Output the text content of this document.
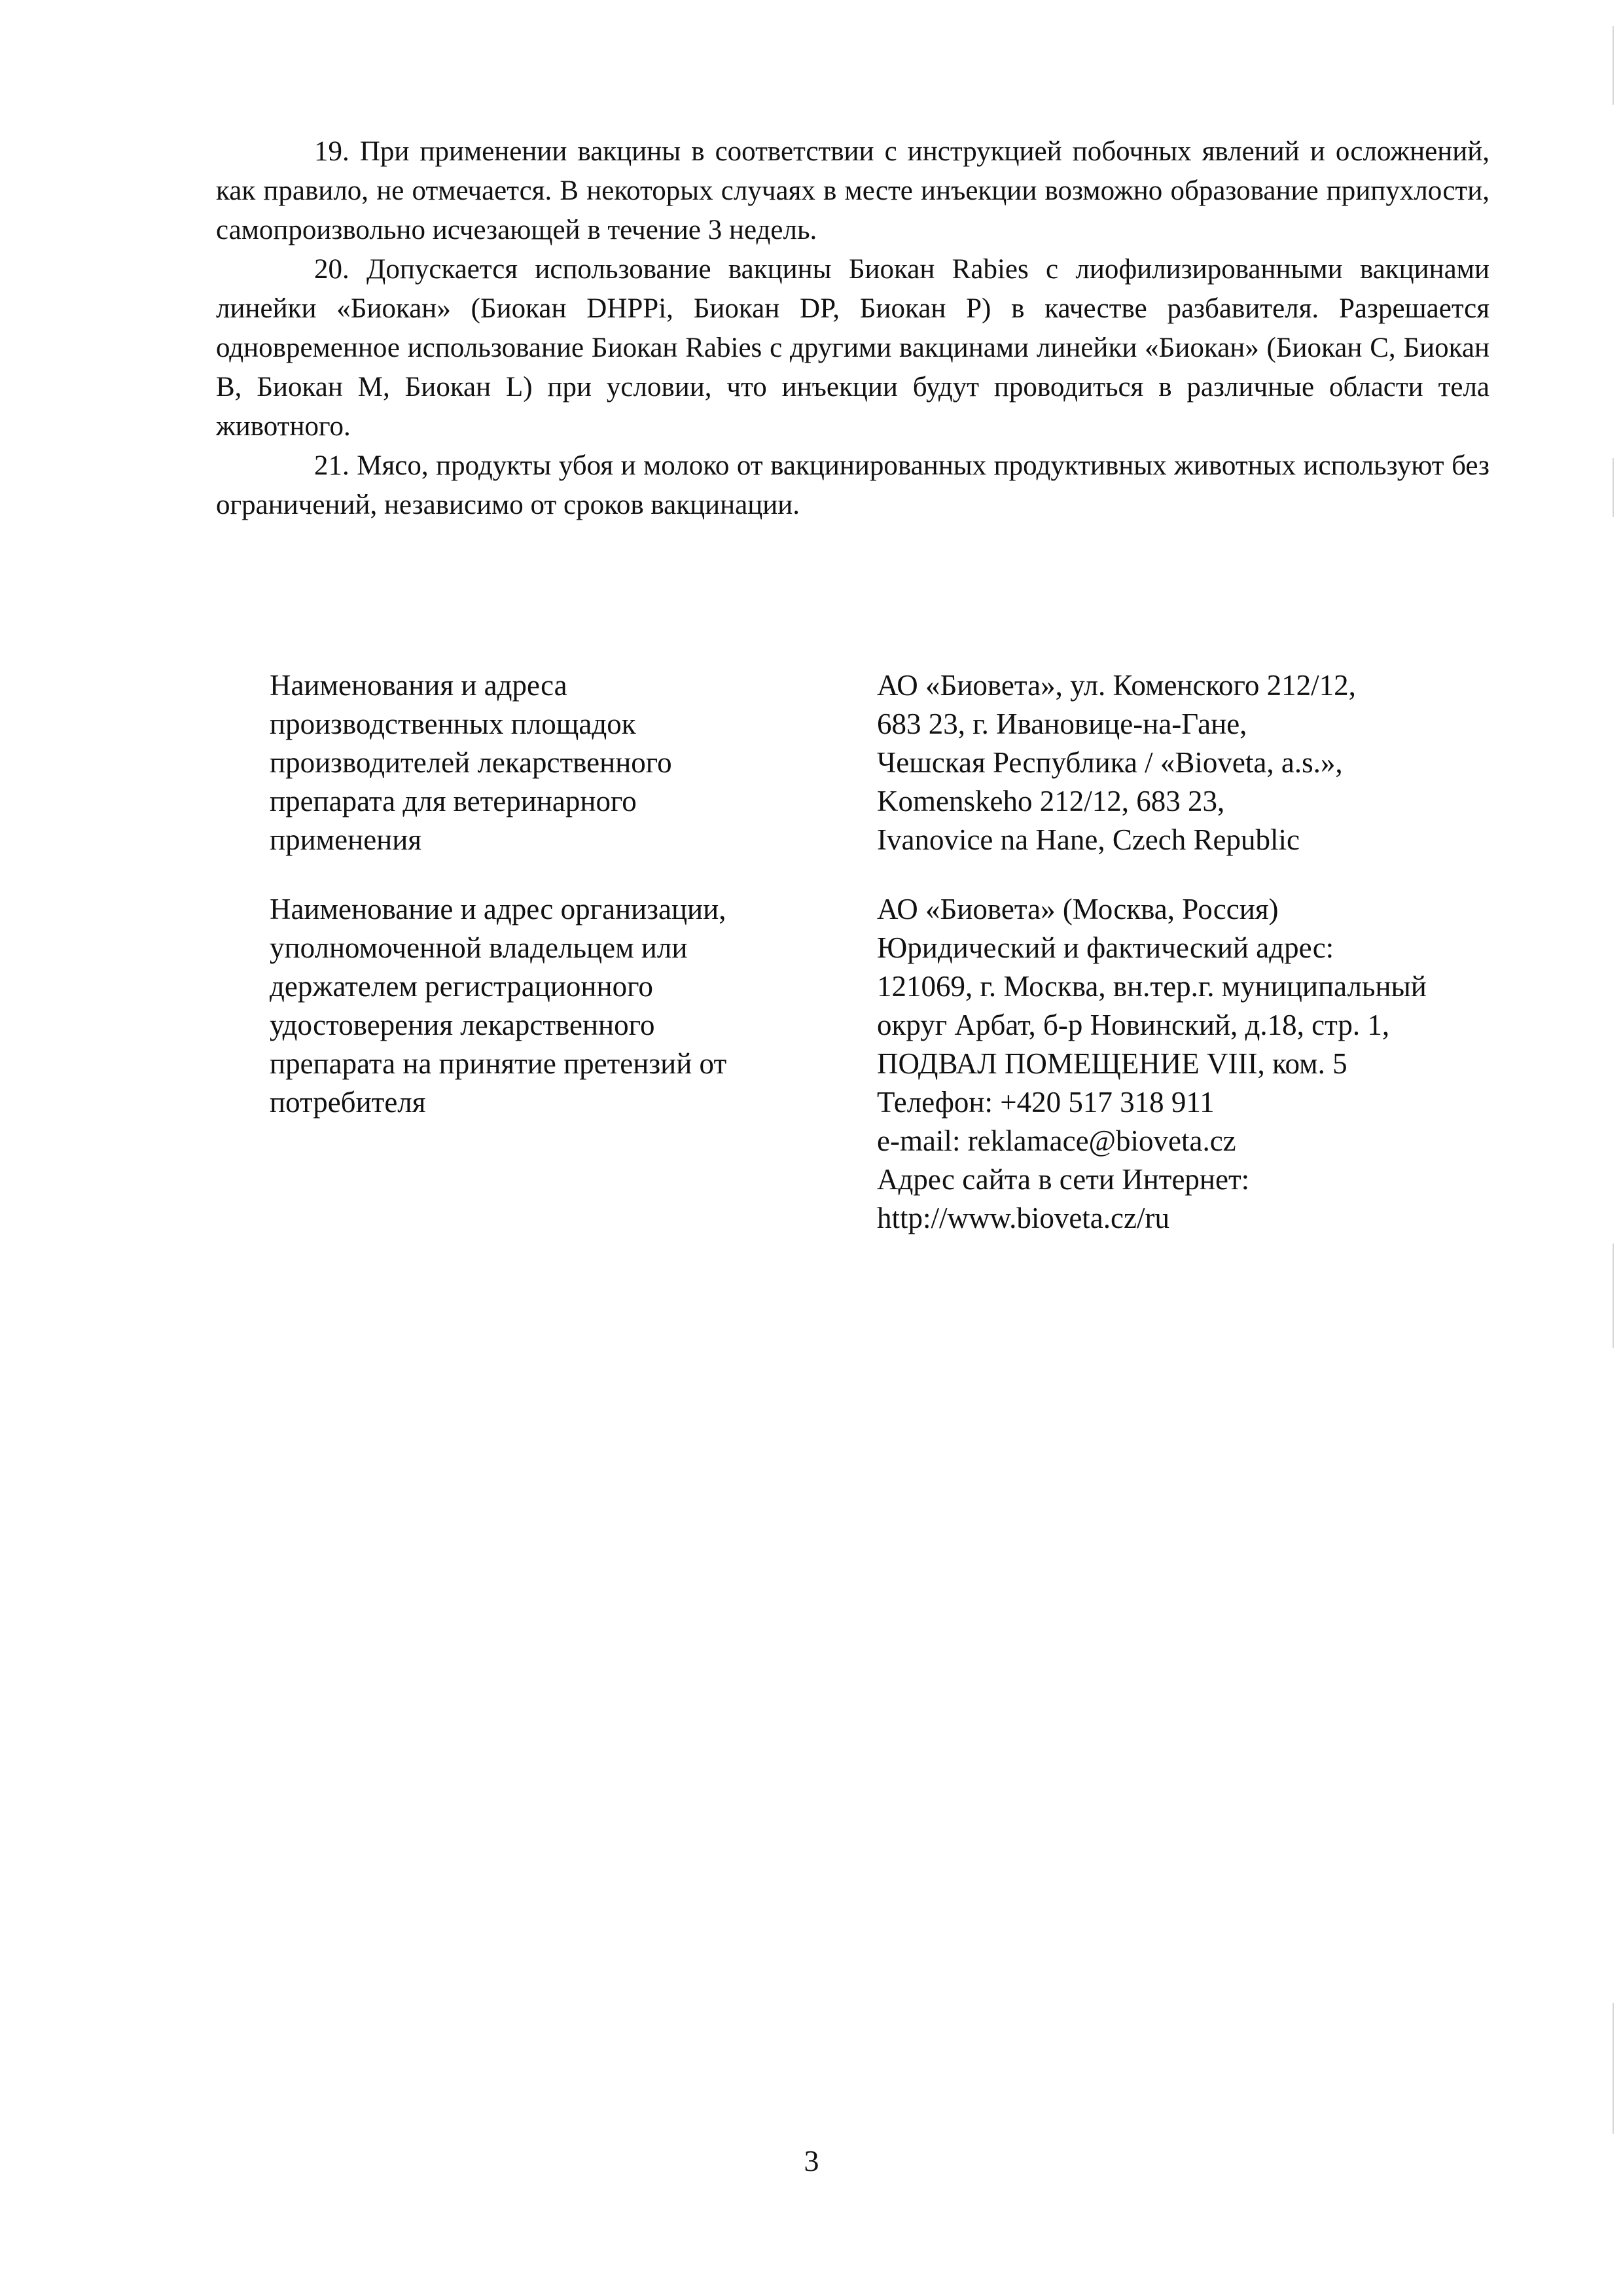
19. При применении вакцины в соответствии с инструкцией побочных явлений и осложнений, как правило, не отмечается. В некоторых случаях в месте инъекции возможно образование припухлости, самопроизвольно исчезающей в течение 3 недель.

20. Допускается использование вакцины Биокан Rabies с лиофилизированными вакцинами линейки «Биокан» (Биокан DHPPi, Биокан DP, Биокан P) в качестве разбавителя. Разрешается одновременное использование Биокан Rabies с другими вакцинами линейки «Биокан» (Биокан C, Биокан B, Биокан M, Биокан L) при условии, что инъекции будут проводиться в различные области тела животного.

21. Мясо, продукты убоя и молоко от вакцинированных продуктивных животных используют без ограничений, независимо от сроков вакцинации.

Наименования и адреса
производственных площадок
производителей лекарственного
препарата для ветеринарного
применения
АО «Биовета», ул. Коменского 212/12,
683 23, г. Ивановице-на-Гане,
Чешская Республика / «Bioveta, a.s.»,
Komenskeho 212/12, 683 23,
Ivanovice na Hane, Czech Republic
Наименование и адрес организации,
уполномоченной владельцем или
держателем регистрационного
удостоверения лекарственного
препарата на принятие претензий от
потребителя
АО «Биовета» (Москва, Россия)
Юридический и фактический адрес:
121069, г. Москва, вн.тер.г. муниципальный
округ Арбат, б-р Новинский, д.18, стр. 1,
ПОДВАЛ ПОМЕЩЕНИЕ VIII, ком. 5
Телефон: +420 517 318 911
e-mail: reklamace@bioveta.cz
Адрес сайта в сети Интернет:
http://www.bioveta.cz/ru
3
